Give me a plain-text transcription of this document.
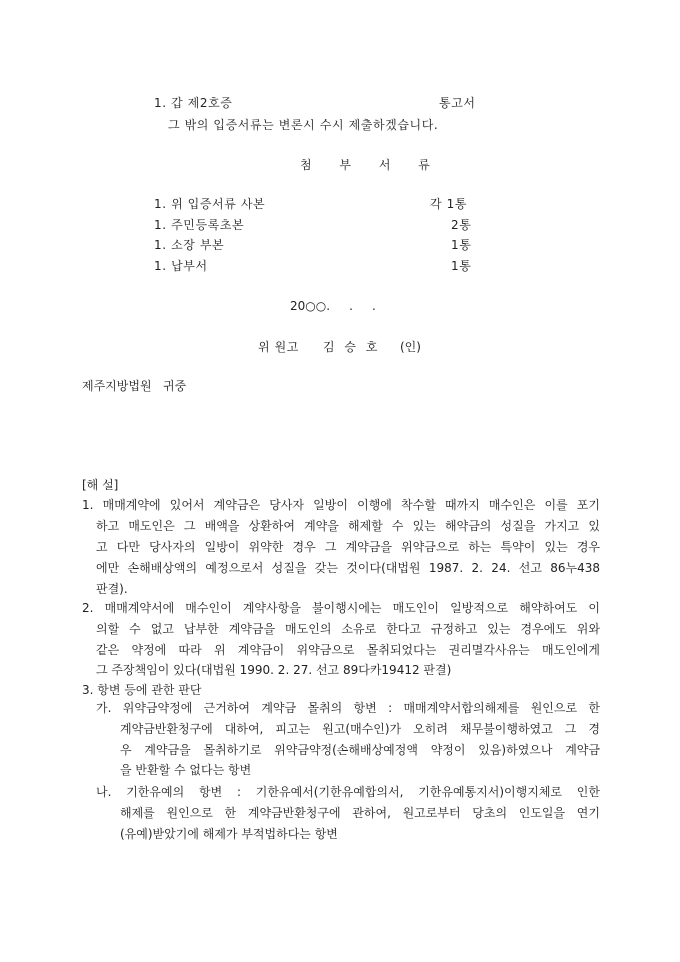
1. 갑 제2호증	통고서
그 밖의 입증서류는 변론시 수시 제출하겠습니다.
첨 부 서 류
1. 위 입증서류 사본	각 1통
1. 주민등록초본	2통
1. 소장 부본	1통
1. 납부서	1통
20○○.     .     .
위 원고 김 승 호 (인)
제주지방법원   귀중
[해 설]
1. 매매계약에 있어서 계약금은 당사자 일방이 이행에 착수할 때까지 매수인은 이를 포기
하고 매도인은 그 배액을 상환하여 계약을 해제할 수 있는 해약금의 성질을 가지고 있
고 다만 당사자의 일방이 위약한 경우 그 계약금을 위약금으로 하는 특약이 있는 경우
에만 손해배상액의 예정으로서 성질을 갖는 것이다(대법원 1987. 2. 24. 선고 86누438
판결).
2. 매매계약서에 매수인이 계약사항을 불이행시에는 매도인이 일방적으로 해약하여도 이
의할 수 없고 납부한 계약금을 매도인의 소유로 한다고 규정하고 있는 경우에도 위와
같은 약정에 따라 위 계약금이 위약금으로 몰취되었다는 권리멸각사유는 매도인에게
그 주장책임이 있다(대법원 1990. 2. 27. 선고 89다카19412 판결)
3. 항변 등에 관한 판단
가. 위약금약정에 근거하여 계약금 몰취의 항변 : 매매계약서합의해제를 원인으로 한
계약금반환청구에 대하여, 피고는 원고(매수인)가 오히려 채무불이행하였고 그 경
우 계약금을 몰취하기로 위약금약정(손해배상예정액 약정이 있음)하였으나 계약금
을 반환할 수 없다는 항변
나. 기한유예의 항변 : 기한유예서(기한유예합의서, 기한유예통지서)이행지체로 인한
해제를 원인으로 한 계약금반환청구에 관하여, 원고로부터 당초의 인도일을 연기
(유예)받았기에 해제가 부적법하다는 항변
